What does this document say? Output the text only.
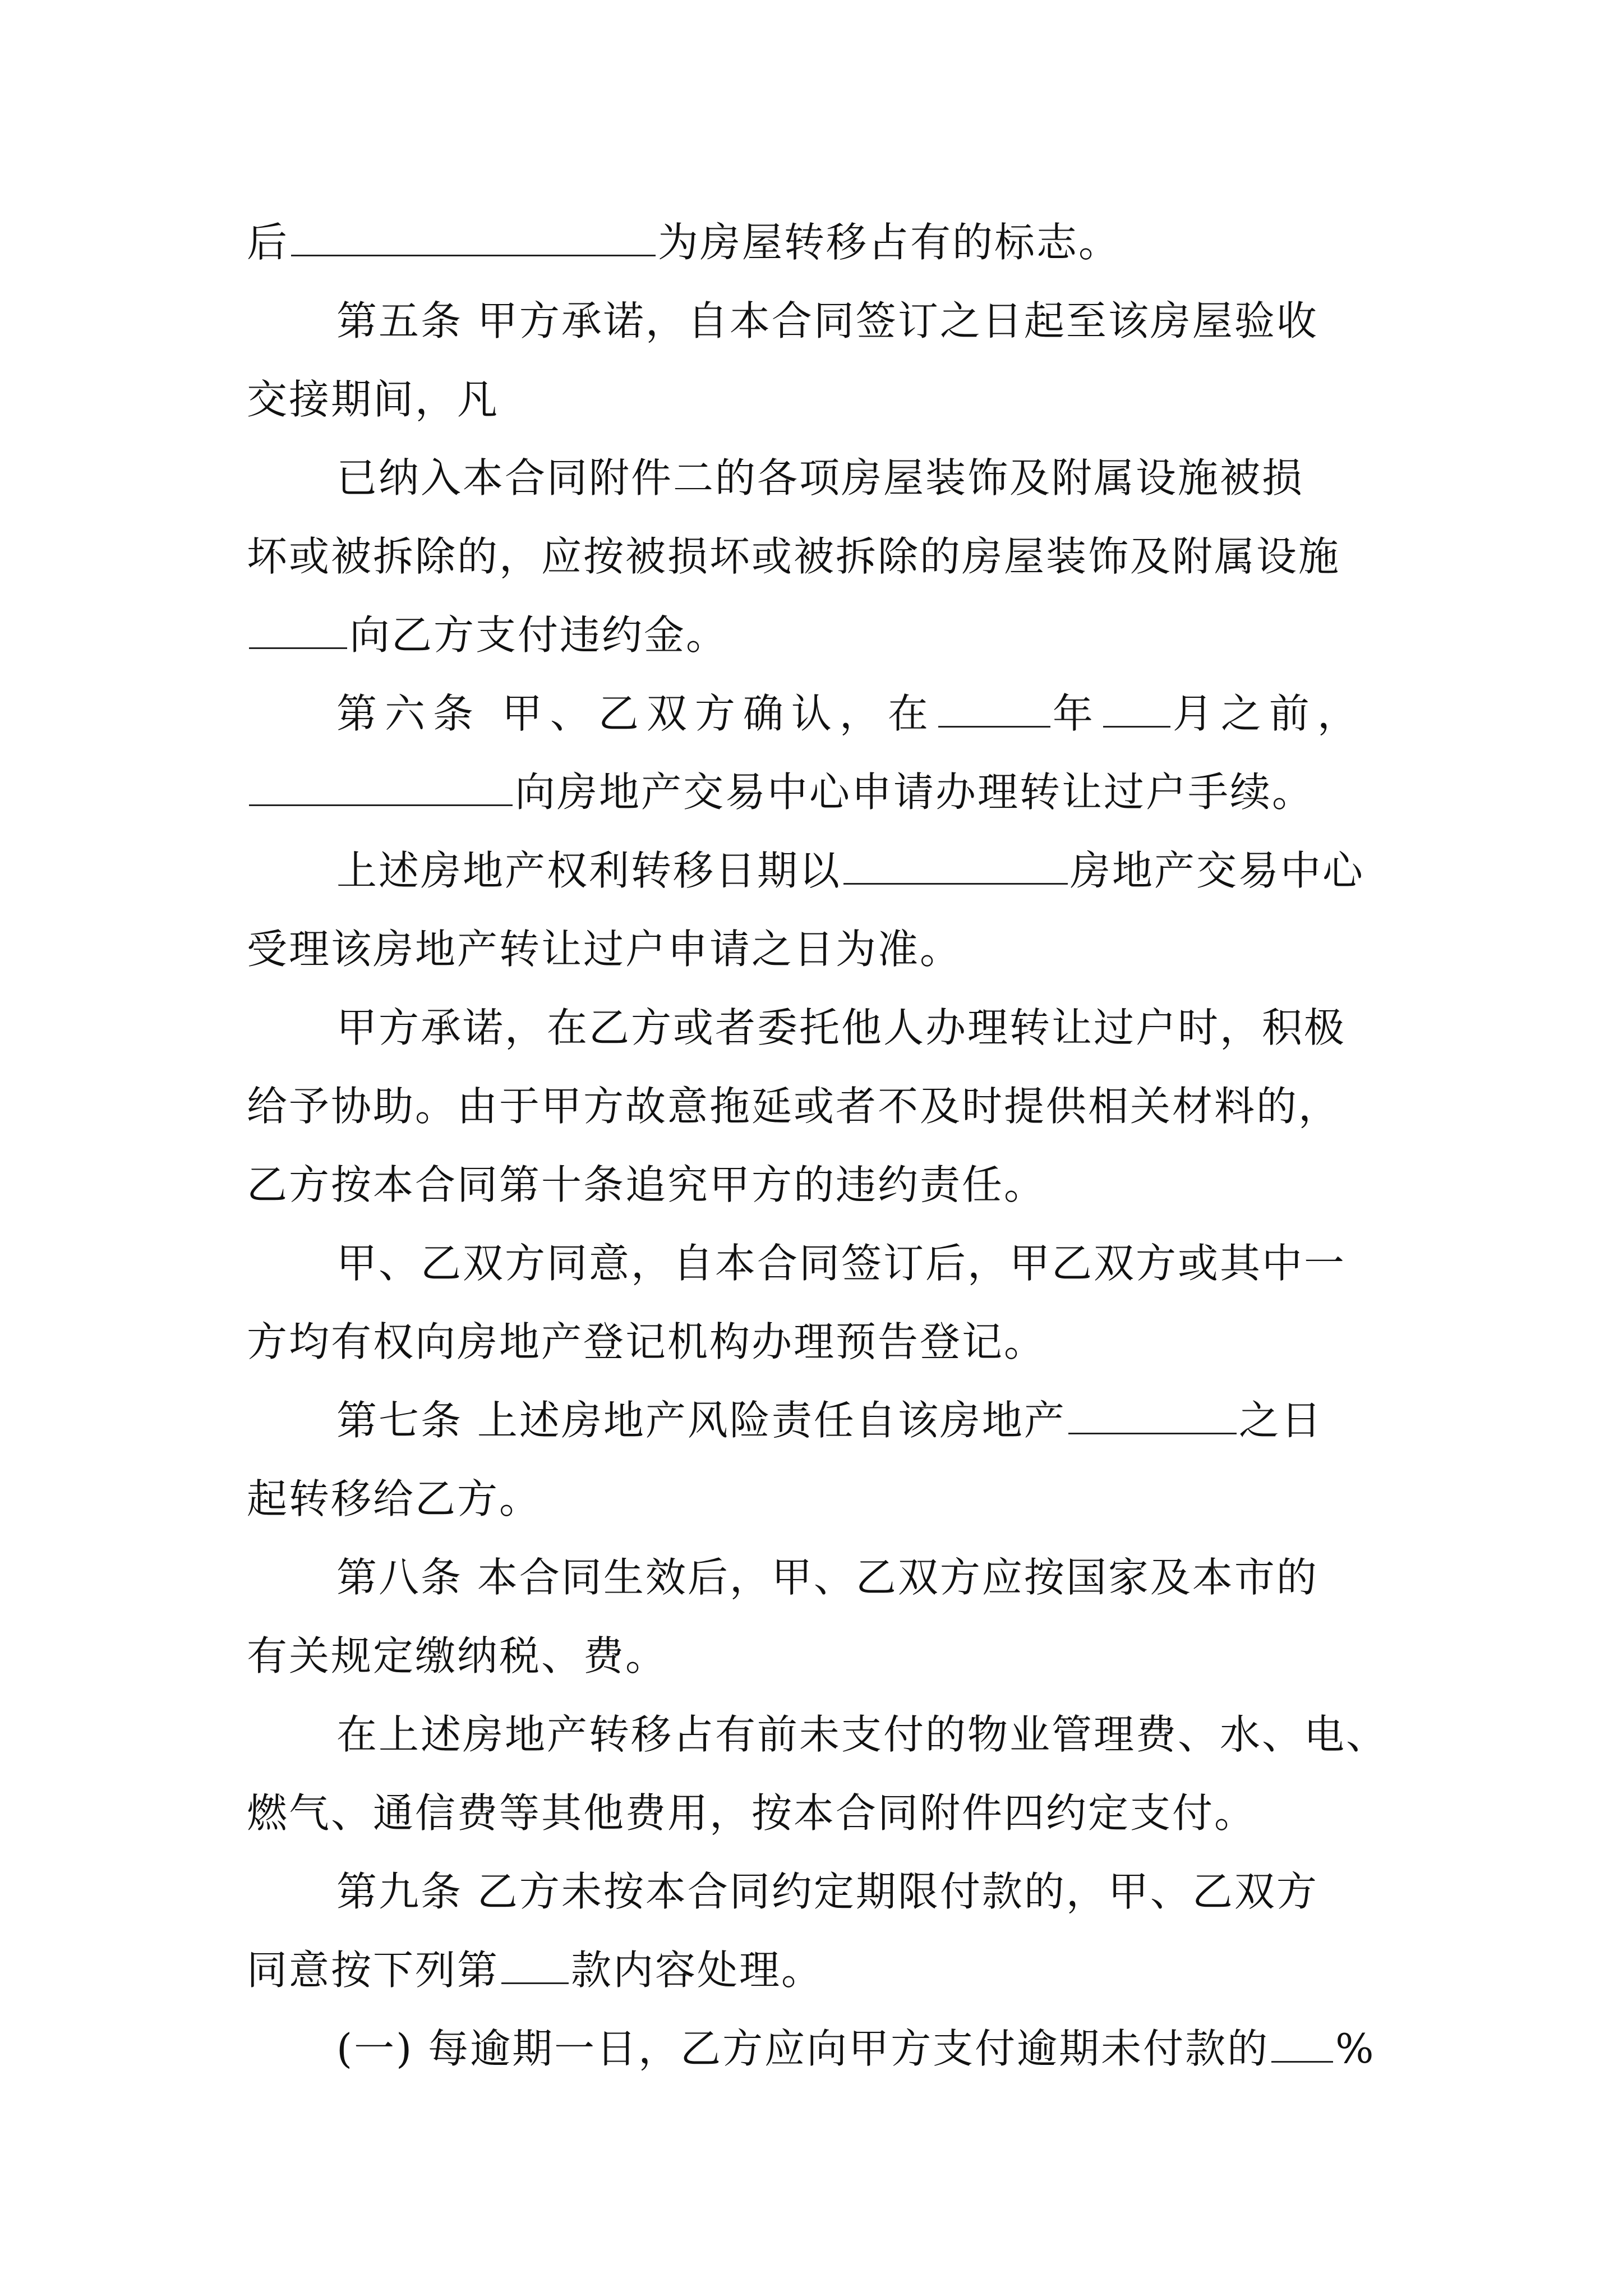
后	为房屋转移占有的标志。
第五条 甲方承诺，自本合同签订之日起至该房屋验收
交接期间，凡
已纳入本合同附件二的各项房屋装饰及附属设施被损
坏或被拆除的，应按被损坏或被拆除的房屋装饰及附属设施
向乙方支付违约金。
第六条 甲、乙双方确认，在	年 月之前，
向房地产交易中心申请办理转让过户手续。
上述房地产权利转移日期以	房地产交易中心
受理该房地产转让过户申请之日为准。
甲方承诺，在乙方或者委托他人办理转让过户时，积极
给予协助。由于甲方故意拖延或者不及时提供相关材料的，
乙方按本合同第十条追究甲方的违约责任。
甲、乙双方同意，自本合同签订后，甲乙双方或其中一
方均有权向房地产登记机构办理预告登记。
第七条 上述房地产风险责任自该房地产	之日
起转移给乙方。
第八条 本合同生效后，甲、乙双方应按国家及本市的
有关规定缴纳税、费。
在上述房地产转移占有前未支付的物业管理费、水、电、
燃气、通信费等其他费用，按本合同附件四约定支付。
第九条 乙方未按本合同约定期限付款的，甲、乙双方
同意按下列第 款内容处理。
(一) 每逾期一日，乙方应向甲方支付逾期未付款的 %
